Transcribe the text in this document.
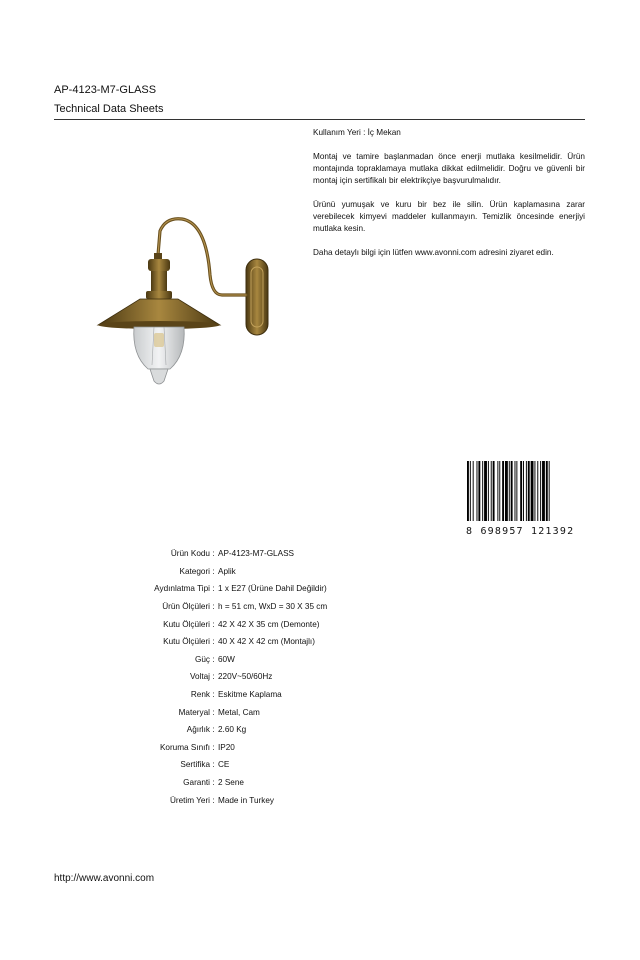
AP-4123-M7-GLASS
Technical Data Sheets

Kullanım Yeri : İç Mekan

Montaj ve tamire başlanmadan önce enerji mutlaka kesilmelidir. Ürün montajında topraklamaya mutlaka dikkat edilmelidir. Doğru ve güvenli bir montaj için sertifikalı bir elektrikçiye başvurulmalıdır.

Ürünü yumuşak ve kuru bir bez ile silin. Ürün kaplamasına zarar verebilecek kimyevi maddeler kullanmayın. Temizlik öncesinde enerjiyi mutlaka kesin.

Daha detaylı bilgi için lütfen www.avonni.com adresini ziyaret edin.

8 698957 121392
Ürün Kodu : AP-4123-M7-GLASS
Kategori : Aplik
Aydınlatma Tipi : 1 x E27 (Ürüne Dahil Değildir)
Ürün Ölçüleri : h = 51 cm, WxD = 30 X 35 cm
Kutu Ölçüleri : 42 X 42 X 35 cm (Demonte)
Kutu Ölçüleri : 40 X 42 X 42 cm (Montajlı)
Güç : 60W
Voltaj : 220V~50/60Hz
Renk : Eskitme Kaplama
Materyal : Metal, Cam
Ağırlık : 2.60 Kg
Koruma Sınıfı : IP20
Sertifika : CE
Garanti : 2 Sene
Üretim Yeri : Made in Turkey
http://www.avonni.com
